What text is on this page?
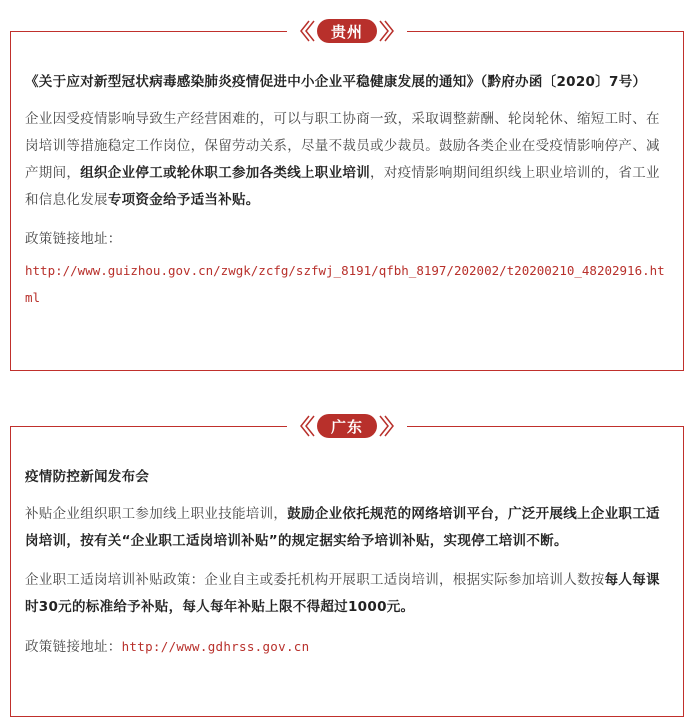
贵州

《关于应对新型冠状病毒感染肺炎疫情促进中小企业平稳健康发展的通知》（黔府办函〔2020〕7号）

企业因受疫情影响导致生产经营困难的，可以与职工协商一致，采取调整薪酬、轮岗轮休、缩短工时、在岗培训等措施稳定工作岗位，保留劳动关系，尽量不裁员或少裁员。鼓励各类企业在受疫情影响停产、减产期间，组织企业停工或轮休职工参加各类线上职业培训，对疫情影响期间组织线上职业培训的，省工业和信息化发展专项资金给予适当补贴。

政策链接地址：

http://www.guizhou.gov.cn/zwgk/zcfg/szfwj_8191/qfbh_8197/202002/t20200210_48202916.html
广东

疫情防控新闻发布会

补贴企业组织职工参加线上职业技能培训，鼓励企业依托规范的网络培训平台，广泛开展线上企业职工适岗培训，按有关“企业职工适岗培训补贴”的规定据实给予培训补贴，实现停工培训不断。

企业职工适岗培训补贴政策：企业自主或委托机构开展职工适岗培训，根据实际参加培训人数按每人每课时30元的标准给予补贴，每人每年补贴上限不得超过1000元。

政策链接地址：http://www.gdhrss.gov.cn
